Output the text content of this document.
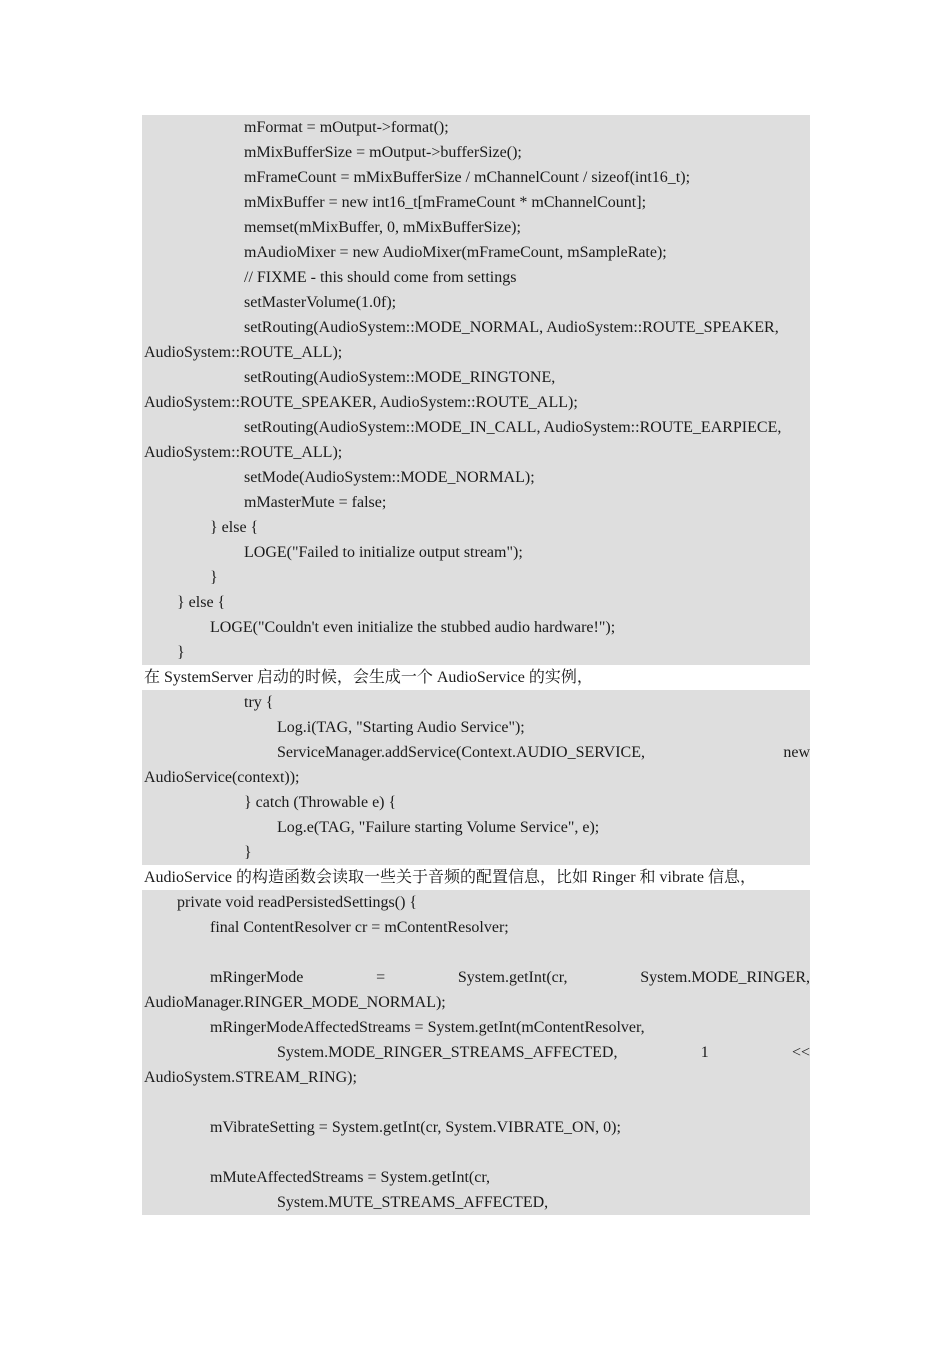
mFormat = mOutput->format();
mMixBufferSize = mOutput->bufferSize();
mFrameCount = mMixBufferSize / mChannelCount / sizeof(int16_t);
mMixBuffer = new int16_t[mFrameCount * mChannelCount];
memset(mMixBuffer, 0, mMixBufferSize);
mAudioMixer = new AudioMixer(mFrameCount, mSampleRate);
// FIXME - this should come from settings
setMasterVolume(1.0f);
setRouting(AudioSystem::MODE_NORMAL, AudioSystem::ROUTE_SPEAKER,
AudioSystem::ROUTE_ALL);
setRouting(AudioSystem::MODE_RINGTONE,
AudioSystem::ROUTE_SPEAKER, AudioSystem::ROUTE_ALL);
setRouting(AudioSystem::MODE_IN_CALL, AudioSystem::ROUTE_EARPIECE,
AudioSystem::ROUTE_ALL);
setMode(AudioSystem::MODE_NORMAL);
mMasterMute = false;
} else {
LOGE("Failed to initialize output stream");
}
} else {
LOGE("Couldn't even initialize the stubbed audio hardware!");
}
在 SystemServer 启动的时候，会生成一个 AudioService 的实例，
try {
Log.i(TAG, "Starting Audio Service");
ServiceManager.addService(Context.AUDIO_SERVICE, new
AudioService(context));
} catch (Throwable e) {
Log.e(TAG, "Failure starting Volume Service", e);
}
AudioService 的构造函数会读取一些关于音频的配置信息，比如 Ringer 和 vibrate 信息，
private void readPersistedSettings() {
final ContentResolver cr = mContentResolver;
mRingerMode = System.getInt(cr, System.MODE_RINGER,
AudioManager.RINGER_MODE_NORMAL);
mRingerModeAffectedStreams = System.getInt(mContentResolver,
System.MODE_RINGER_STREAMS_AFFECTED, 1 <<
AudioSystem.STREAM_RING);
mVibrateSetting = System.getInt(cr, System.VIBRATE_ON, 0);
mMuteAffectedStreams = System.getInt(cr,
System.MUTE_STREAMS_AFFECTED,
